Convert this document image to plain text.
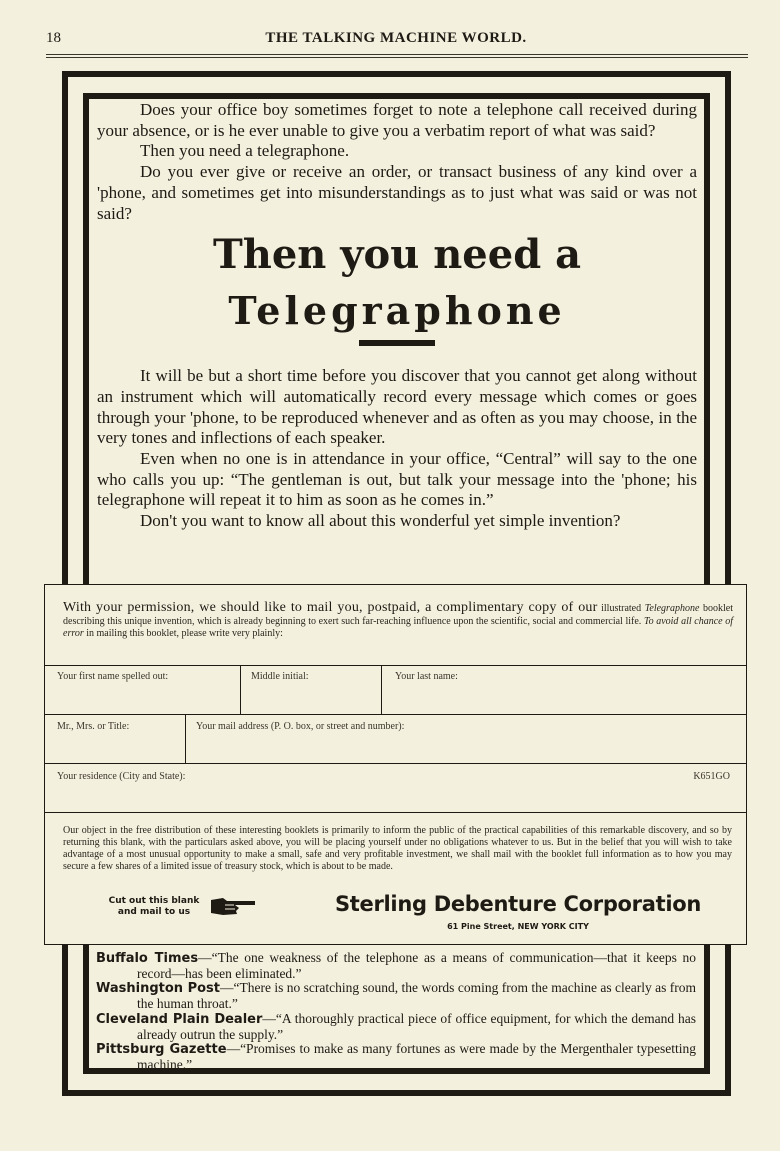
18	THE TALKING MACHINE WORLD.

Does your office boy sometimes forget to note a telephone call received during your absence, or is he ever unable to give you a verbatim report of what was said?

Then you need a telegraphone.

Do you ever give or receive an order, or transact business of any kind over a 'phone, and sometimes get into misunderstandings as to just what was said or was not said?

Then you need a
Telegraphone

It will be but a short time before you discover that you cannot get along without an instrument which will automatically record every message which comes or goes through your 'phone, to be reproduced whenever and as often as you may choose, in the very tones and inflections of each speaker.

Even when no one is in attendance in your office, “Central” will say to the one who calls you up: “The gentleman is out, but talk your message into the 'phone; his telegraphone will repeat it to him as soon as he comes in.”

Don't you want to know all about this wonderful yet simple invention?

With your permission, we should like to mail you, postpaid, a complimentary copy of our illustrated Telegraphone booklet describing this unique invention, which is already beginning to exert such far-reaching influence upon the scientific, social and commercial life. To avoid all chance of error in mailing this booklet, please write very plainly:
Your first name spelled out:	Middle initial:	Your last name:
Mr., Mrs. or Title:	Your mail address (P. O. box, or street and number):
Your residence (City and State):	K651GO
Our object in the free distribution of these interesting booklets is primarily to inform the public of the practical capabilities of this remarkable discovery, and so by returning this blank, with the particulars asked above, you will be placing yourself under no obligations whatever to us. But in the belief that you will wish to take advantage of a most unusual opportunity to make a small, safe and very profitable investment, we shall mail with the booklet full information as to how you may secure a few shares of a limited issue of treasury stock, which is about to be made.
Cut out this blank
and mail to us	Sterling Debenture Corporation
61 Pine Street, NEW YORK CITY

Buffalo Times—“The one weakness of the telephone as a means of communication—that it keeps no record—has been eliminated.”

Washington Post—“There is no scratching sound, the words coming from the machine as clearly as from the human throat.”

Cleveland Plain Dealer—“A thoroughly practical piece of office equipment, for which the demand has already outrun the supply.”

Pittsburg Gazette—“Promises to make as many fortunes as were made by the Mergenthaler typesetting machine.”
